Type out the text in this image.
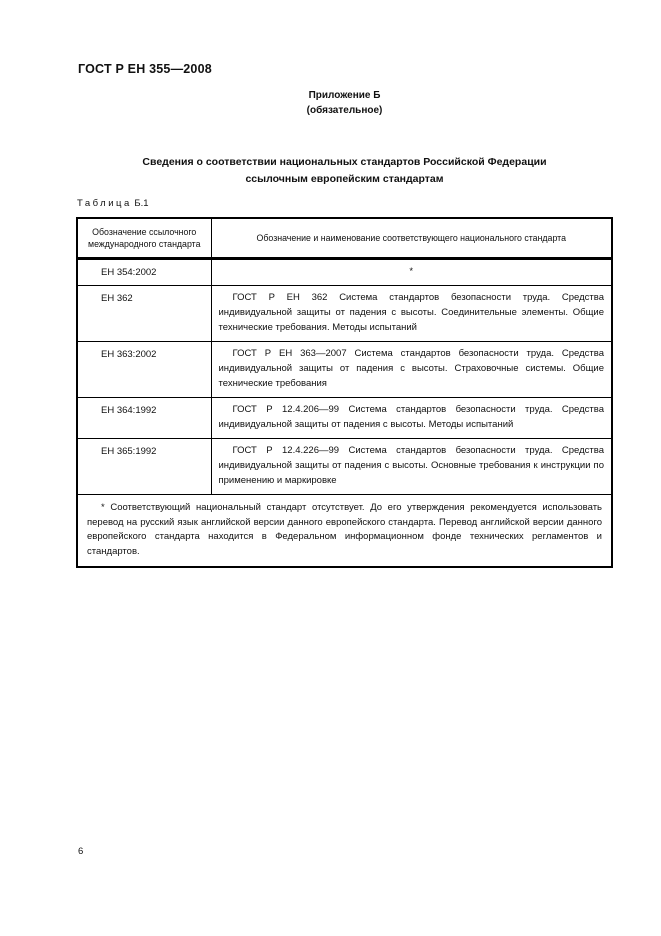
ГОСТ Р ЕН 355—2008
Приложение Б
(обязательное)
Сведения о соответствии национальных стандартов Российской Федерации
ссылочным европейским стандартам
Таблица Б.1
Обозначение ссылочного международного стандарта	Обозначение и наименование соответствующего национального стандарта
ЕН 354:2002	*
ЕН 362	ГОСТ Р ЕН 362 Система стандартов безопасности труда. Средства индивидуальной защиты от падения с высоты. Соединительные элементы. Общие технические требования. Методы испытаний
ЕН 363:2002	ГОСТ Р ЕН 363—2007 Система стандартов безопасности труда. Средства индивидуальной защиты от падения с высоты. Страховочные системы. Общие технические требования
ЕН 364:1992	ГОСТ Р 12.4.206—99 Система стандартов безопасности труда. Средства индивидуальной защиты от падения с высоты. Методы испытаний
ЕН 365:1992	ГОСТ Р 12.4.226—99 Система стандартов безопасности труда. Средства индивидуальной защиты от падения с высоты. Основные требования к инструкции по применению и маркировке
* Соответствующий национальный стандарт отсутствует. До его утверждения рекомендуется использовать перевод на русский язык английской версии данного европейского стандарта. Перевод английской версии данного европейского стандарта находится в Федеральном информационном фонде технических регламентов и стандартов.	
6
